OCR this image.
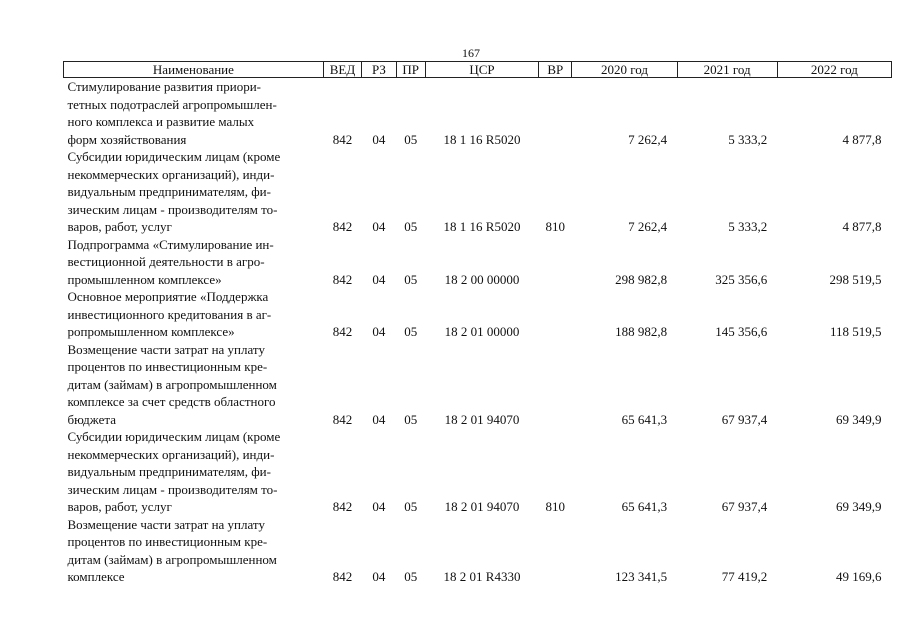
167
Наименование	ВЕД	РЗ	ПР	ЦСР	ВР	2020 год	2021 год	2022 год

Стимулирование развития приори-
тетных подотраслей агропромышлен-
ного комплекса и развитие малых
форм хозяйствования	842	04	05	18 1 16 R5020		7 262,4	5 333,2	4 877,8

Субсидии юридическим лицам (кроме
некоммерческих организаций), инди-
видуальным предпринимателям, фи-
зическим лицам - производителям то-
варов, работ, услуг	842	04	05	18 1 16 R5020	810	7 262,4	5 333,2	4 877,8

Подпрограмма «Стимулирование ин-
вестиционной деятельности в агро-
промышленном комплексе»	842	04	05	18 2 00 00000		298 982,8	325 356,6	298 519,5

Основное мероприятие «Поддержка
инвестиционного кредитования в аг-
ропромышленном комплексе»	842	04	05	18 2 01 00000		188 982,8	145 356,6	118 519,5

Возмещение части затрат на уплату
процентов по инвестиционным кре-
дитам (займам) в агропромышленном
комплексе за счет средств областного
бюджета	842	04	05	18 2 01 94070		65 641,3	67 937,4	69 349,9

Субсидии юридическим лицам (кроме
некоммерческих организаций), инди-
видуальным предпринимателям, фи-
зическим лицам - производителям то-
варов, работ, услуг	842	04	05	18 2 01 94070	810	65 641,3	67 937,4	69 349,9

Возмещение части затрат на уплату
процентов по инвестиционным кре-
дитам (займам) в агропромышленном
комплексе	842	04	05	18 2 01 R4330		123 341,5	77 419,2	49 169,6
